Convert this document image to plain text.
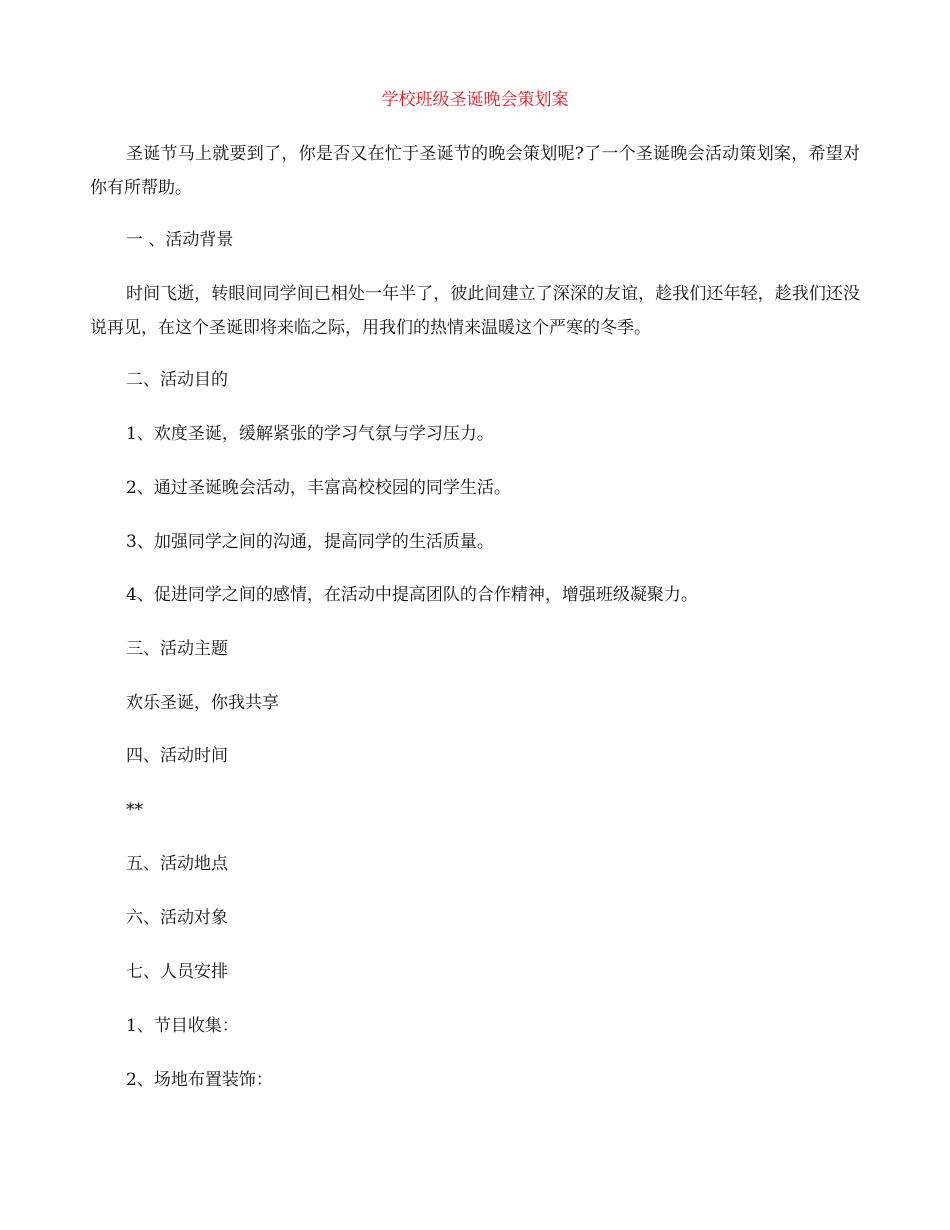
学校班级圣诞晚会策划案
圣诞节马上就要到了，你是否又在忙于圣诞节的晚会策划呢?了一个圣诞晚会活动策划案，希望对你有所帮助。
一 、活动背景
时间飞逝，转眼间同学间已相处一年半了，彼此间建立了深深的友谊，趁我们还年轻，趁我们还没说再见，在这个圣诞即将来临之际，用我们的热情来温暖这个严寒的冬季。
二、活动目的
1、欢度圣诞，缓解紧张的学习气氛与学习压力。
2、通过圣诞晚会活动，丰富高校校园的同学生活。
3、加强同学之间的沟通，提高同学的生活质量。
4、促进同学之间的感情，在活动中提高团队的合作精神，增强班级凝聚力。
三、活动主题
欢乐圣诞，你我共享
四、活动时间
**
五、活动地点
六、活动对象
七、人员安排
1、节目收集：
2、场地布置装饰：
